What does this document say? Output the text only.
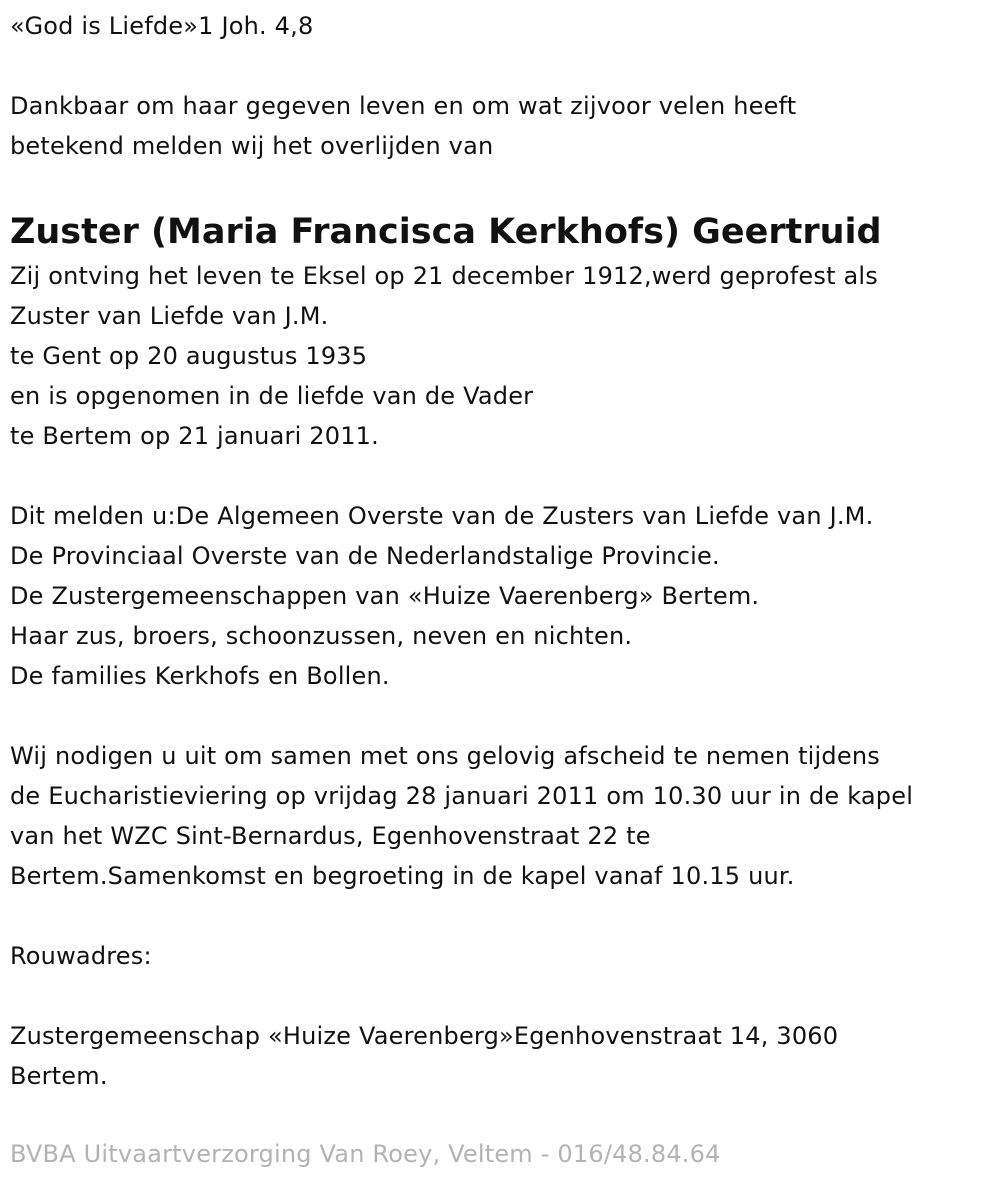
«God is Liefde»1 Joh. 4,8
Dankbaar om haar gegeven leven en om wat zijvoor velen heeft
betekend melden wij het overlijden van
Zuster (Maria Francisca Kerkhofs) Geertruid
Zij ontving het leven te Eksel op 21 december 1912,werd geprofest als
Zuster van Liefde van J.M.
te Gent op 20 augustus 1935
en is opgenomen in de liefde van de Vader
te Bertem op 21 januari 2011.
Dit melden u:De Algemeen Overste van de Zusters van Liefde van J.M.
De Provinciaal Overste van de Nederlandstalige Provincie.
De Zustergemeenschappen van «Huize Vaerenberg» Bertem.
Haar zus, broers, schoonzussen, neven en nichten.
De families Kerkhofs en Bollen.
Wij nodigen u uit om samen met ons gelovig afscheid te nemen tijdens
de Eucharistieviering op vrijdag 28 januari 2011 om 10.30 uur in de kapel
van het WZC Sint-Bernardus, Egenhovenstraat 22 te
Bertem.Samenkomst en begroeting in de kapel vanaf 10.15 uur.
Rouwadres:
Zustergemeenschap «Huize Vaerenberg»Egenhovenstraat 14, 3060
Bertem.
BVBA Uitvaartverzorging Van Roey, Veltem - 016/48.84.64
